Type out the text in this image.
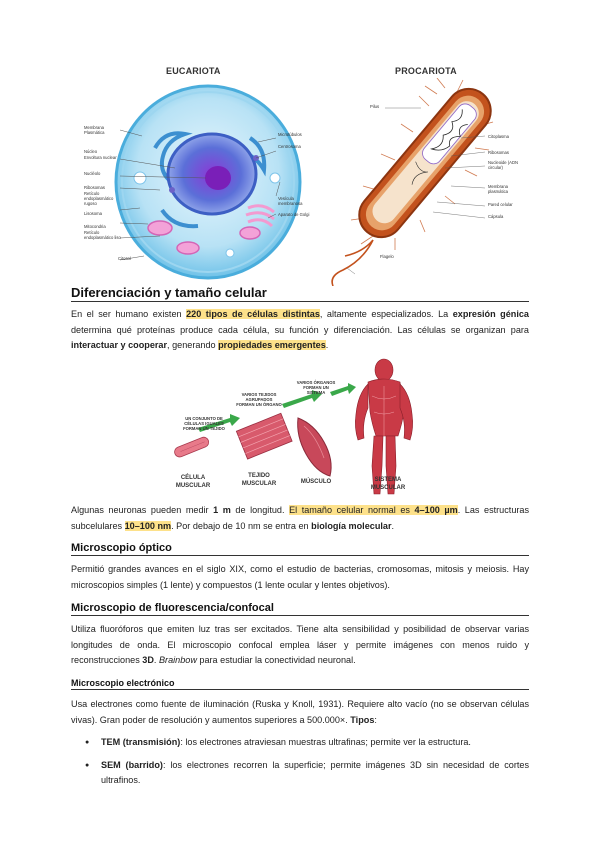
EUCARIOTA	PROCARIOTA
Membrana Plasmática
Núcleo
Envoltura nuclear
Nucléolo
Ribosomas
Retículo endoplasmático rugoso
Lisosoma
Mitocondria
Retículo endoplasmático liso
Citosol
Microtúbulos
Centrosoma
Vesícula membranosa
Aparato de Golgi
Pilus
Citoplasma
Ribosomas
Nucleoide (ADN circular)
Membrana plasmática
Pared celular
Cápsula
Flagelo
Diferenciación y tamaño celular

En el ser humano existen 220 tipos de células distintas, altamente especializados. La expresión génica determina qué proteínas produce cada célula, su función y diferenciación. Las células se organizan para interactuar y cooperar, generando propiedades emergentes.

UN CONJUNTO DE CÉLULAS IGUALES FORMAN UN TEJIDO
VARIOS TEJIDOS AGRUPADOS FORMAN UN ÓRGANO
VARIOS ÓRGANOS FORMAN UN SISTEMA
CÉLULA MUSCULAR
TEJIDO MUSCULAR	MÚSCULO	SISTEMA MUSCULAR

Algunas neuronas pueden medir 1 m de longitud. El tamaño celular normal es 4–100 µm. Las estructuras subcelulares 10–100 nm. Por debajo de 10 nm se entra en biología molecular.

Microscopio óptico

Permitió grandes avances en el siglo XIX, como el estudio de bacterias, cromosomas, mitosis y meiosis. Hay microscopios simples (1 lente) y compuestos (1 lente ocular y lentes objetivos).

Microscopio de fluorescencia/confocal

Utiliza fluoróforos que emiten luz tras ser excitados. Tiene alta sensibilidad y posibilidad de observar varias longitudes de onda. El microscopio confocal emplea láser y permite imágenes con menos ruido y reconstrucciones 3D. Brainbow para estudiar la conectividad neuronal.

Microscopio electrónico

Usa electrones como fuente de iluminación (Ruska y Knoll, 1931). Requiere alto vacío (no se observan células vivas). Gran poder de resolución y aumentos superiores a 500.000×. Tipos:

● TEM (transmisión): los electrones atraviesan muestras ultrafinas; permite ver la estructura.
● SEM (barrido): los electrones recorren la superficie; permite imágenes 3D sin necesidad de cortes ultrafinos.
